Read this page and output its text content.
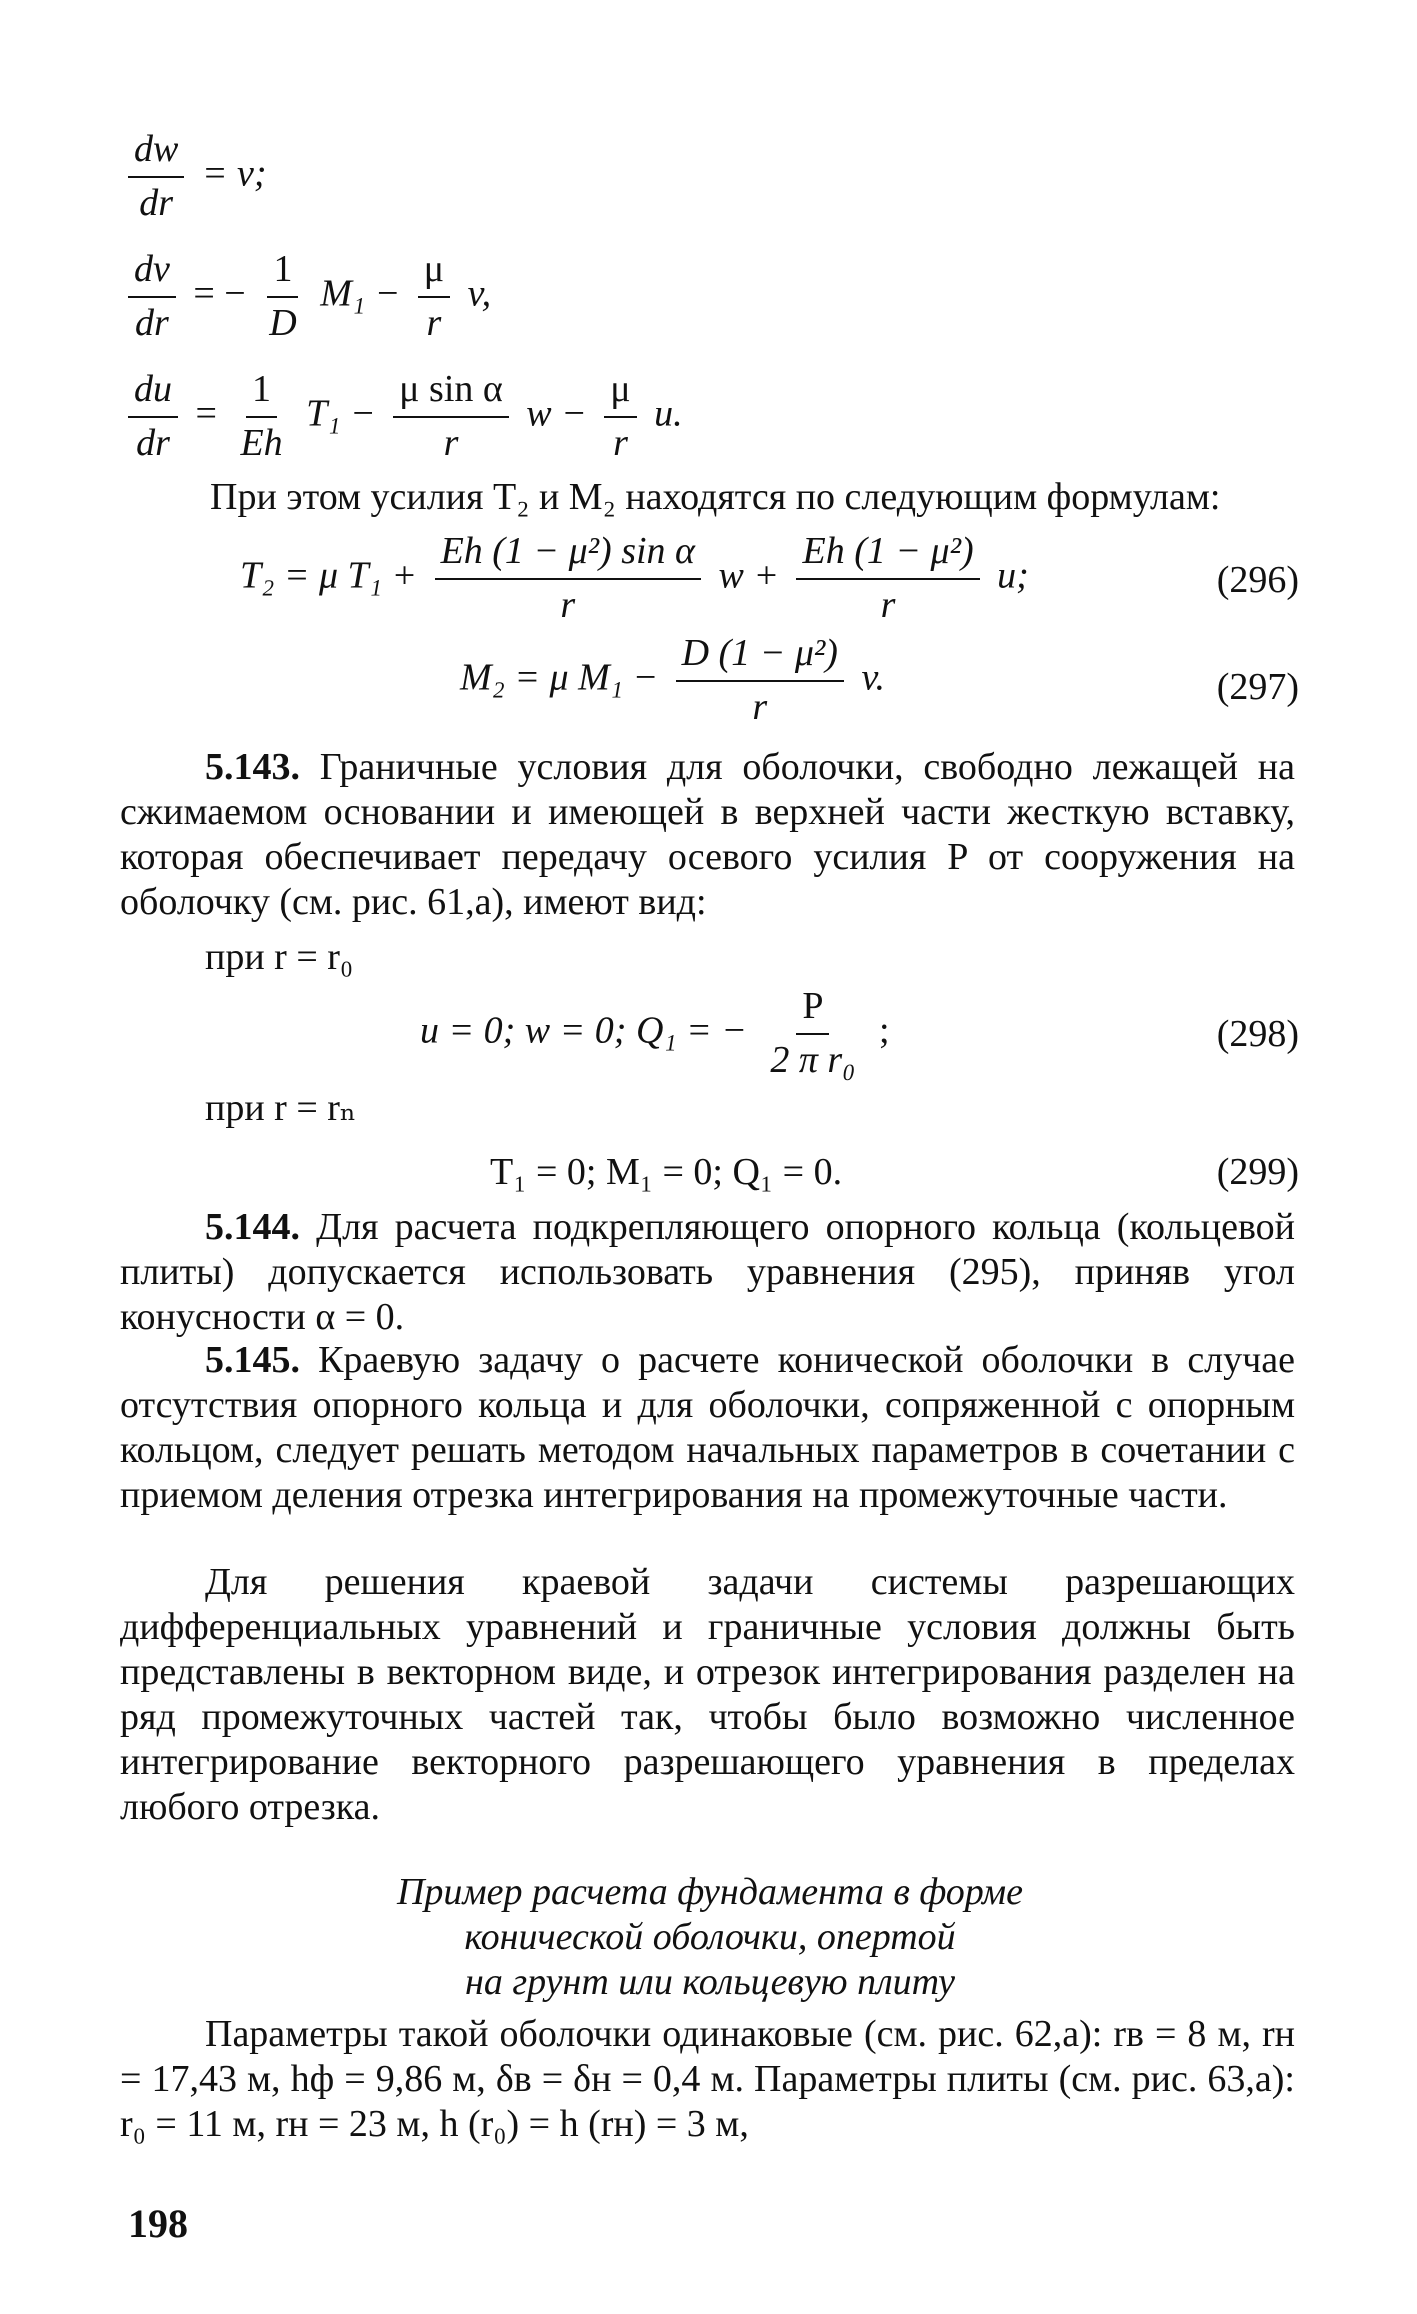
$\frac{dw}{dr} = v$;
$\frac{dv}{dr}$ = − $\frac{1}{D} M_1 - \frac{\mu}{r} v$,
$\frac{du}{dr} = \frac{1}{Eh} T_1 - \frac{\text{μ sin α}}{r}$ $w - \frac{\mu}{r} u$.

При этом усилия T₂ и M₂ находятся по следующим формулам:

T₂ = μ $T_1 + \frac{\text{Eh (1 − μ²) sin α}}{r}$ $w + \frac{\text{Eh (1 − μ²)}}{r} u$;	(296)
M₂ = μ $M_1 - \frac{\text{D (1 − μ²)}}{r} v$.	(297)

5.143. Граничные условия для оболочки, свободно лежащей на сжимаемом основании и имеющей в верхней части жесткую вставку, которая обеспечивает передачу осевого усилия P от сооружения на оболочку (см. рис. 61,а), имеют вид:

при r = r₀
u = 0; w = 0; Q₁ = − $\frac{P}{\text{2 π r₀}}$ ;	(298)
при r = rₙ
T₁ = 0; M₁ = 0; Q₁ = 0.	(299)

5.144. Для расчета подкрепляющего опорного кольца (кольцевой плиты) допускается использовать уравнения (295), приняв угол конусности α = 0.

5.145. Краевую задачу о расчете конической оболочки в случае отсутствия опорного кольца и для оболочки, сопряженной с опорным кольцом, следует решать методом начальных параметров в сочетании с приемом деления отрезка интегрирования на промежуточные части.

Для решения краевой задачи системы разрешающих дифференциальных уравнений и граничные условия должны быть представлены в векторном виде, и отрезок интегрирования разделен на ряд промежуточных частей так, чтобы было возможно численное интегрирование векторного разрешающего уравнения в пределах любого отрезка.

Пример расчета фундамента в форме
конической оболочки, опертой
на грунт или кольцевую плиту

Параметры такой оболочки одинаковые (см. рис. 62,а): rв = 8 м, rн = 17,43 м, hф = 9,86 м, δв = δн = 0,4 м. Параметры плиты (см. рис. 63,а): r₀ = 11 м, rн = 23 м, h (r₀) = h (rн) = 3 м,

198
